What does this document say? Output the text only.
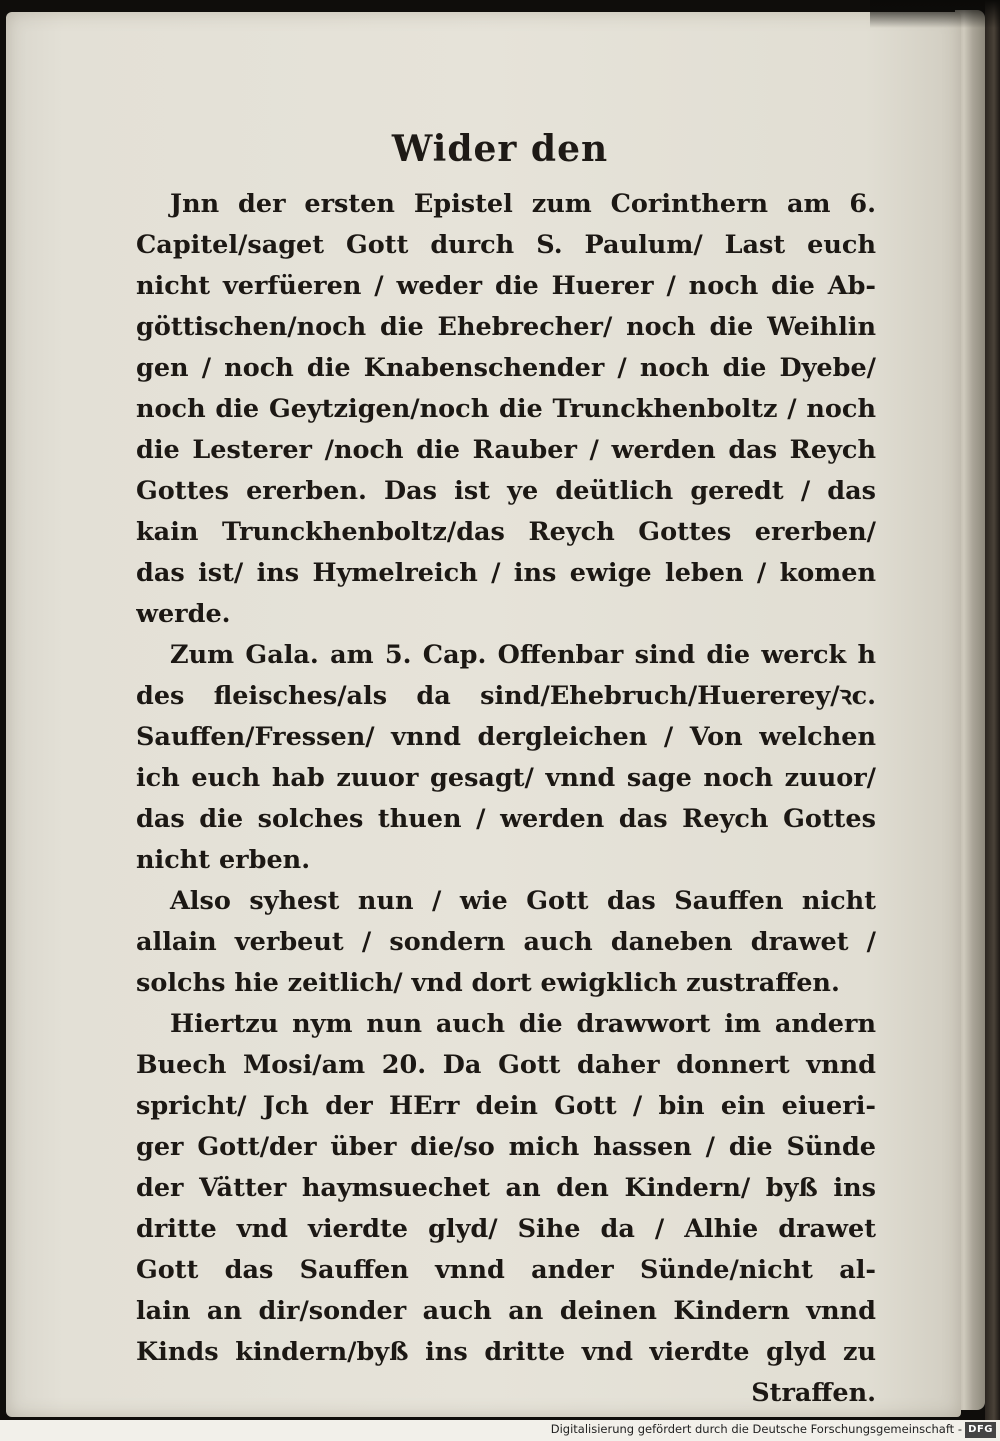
Wider den
Jnn der ersten Epistel zum Corinthern am 6.
Capitel/saget Gott durch S. Paulum/ Last euch
nicht verfüeren / weder die Huerer / noch die Ab-
göttischen/noch die Ehebrecher/ noch die Weihlin
gen / noch die Knabenschender / noch die Dyebe/
noch die Geytzigen/noch die Trunckhenboltz / noch
die Lesterer /noch die Rauber / werden das Reych
Gottes ererben. Das ist ye deütlich geredt / das
kain Trunckhenboltz/das Reych Gottes ererben/
das ist/ ins Hymelreich / ins ewige leben / komen
werde.
Zum Gala. am 5. Cap. Offenbar sind die werck h
des fleisches/als da sind/Ehebruch/Huererey/ꝛc.
Sauffen/Fressen/ vnnd dergleichen / Von welchen
ich euch hab zuuor gesagt/ vnnd sage noch zuuor/
das die solches thuen / werden das Reych Gottes
nicht erben.
Also syhest nun / wie Gott das Sauffen nicht
allain verbeut / sondern auch daneben drawet /
solchs hie zeitlich/ vnd dort ewigklich zustraffen.
Hiertzu nym nun auch die drawwort im andern
Buech Mosi/am 20. Da Gott daher donnert vnnd
spricht/ Jch der HErr dein Gott / bin ein eiueri-
ger Gott/der über die/so mich hassen / die Sünde
der Vätter haymsuechet an den Kindern/ byß ins
dritte vnd vierdte glyd/ Sihe da / Alhie drawet
Gott das Sauffen vnnd ander Sünde/nicht al-
lain an dir/sonder auch an deinen Kindern vnnd
Kinds kindern/byß ins dritte vnd vierdte glyd zu
Straffen.
Digitalisierung gefördert durch die Deutsche Forschungsgemeinschaft - DFG
